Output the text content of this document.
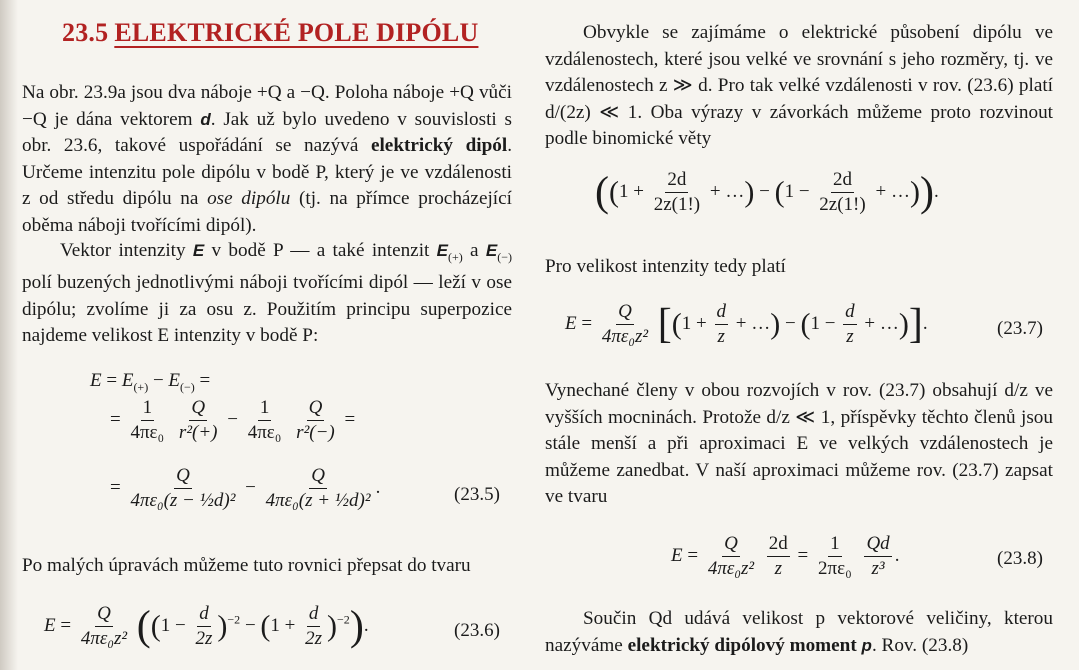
23.5 ELEKTRICKÉ POLE DIPÓLU

Na obr. 23.9a jsou dva náboje +Q a −Q. Poloha náboje +Q vůči −Q je dána vektorem d. Jak už bylo uvedeno v souvislosti s obr. 23.6, takové uspořádání se nazývá elektrický dipól. Určeme intenzitu pole dipólu v bodě P, který je ve vzdálenosti z od středu dipólu na ose dipólu (tj. na přímce procházející oběma náboji tvořícími dipól).

Vektor intenzity E v bodě P — a také intenzit $E_{(+)}$ a $E_{(-)}$ polí buzených jednotlivými náboji tvořícími dipól — leží v ose dipólu; zvolíme ji za osu z. Použitím principu superpozice najdeme velikost E intenzity v bodě P:

$E = E_{(+)} - E_{(-)}$ =
= $\frac{1}{\text{4πε₀}}$
$\frac{Q}{\text{r²(+)}} - \frac{1}{\text{4πε₀}}$
$\frac{Q}{\text{r²(−)}}$ =
= $\frac{Q}{\text{4πε₀(z − ½d)²}} - \frac{Q}{\text{4πε₀(z + ½d)²}}$ .	(23.5)

Po malých úpravách můžeme tuto rovnici přepsat do tvaru

$E = \frac{Q}{\text{4πε₀z²}} ((1 - \frac{d}{2z} )^{-2} - (1 + \frac{d}{2z} )^{-2})$.	(23.6)

Obvykle se zajímáme o elektrické působení dipólu ve vzdálenostech, které jsou velké ve srovnání s jeho rozměry, tj. ve vzdálenostech z ≫ d. Pro tak velké vzdálenosti v rov. (23.6) platí d/(2z) ≪ 1. Oba výrazy v závorkách můžeme proto rozvinout podle binomické věty

(($1 + \frac{2d}{2z(1!)}$ + …) − ($1 - \frac{2d}{2z(1!)}$ + …)).

Pro velikost intenzity tedy platí

$E = \frac{Q}{\text{4πε₀z²}} [(1 + \frac{d}{z}$ + …) − ($1 - \frac{d}{z}$ + …)].	(23.7)

Vynechané členy v obou rozvojích v rov. (23.7) obsahují d/z ve vyšších mocninách. Protože d/z ≪ 1, příspěvky těchto členů jsou stále menší a při aproximaci E ve velkých vzdálenostech je můžeme zanedbat. V naší aproximaci můžeme rov. (23.7) zapsat ve tvaru

$E = \frac{Q}{\text{4πε₀z²}}$
$\frac{2d}{z} = \frac{1}{\text{2πε₀}}$
$\frac{Qd}{\text{z³}}$ .	(23.8)

Součin Qd udává velikost p vektorové veličiny, kterou nazýváme elektrický dipólový moment p. Rov. (23.8)
